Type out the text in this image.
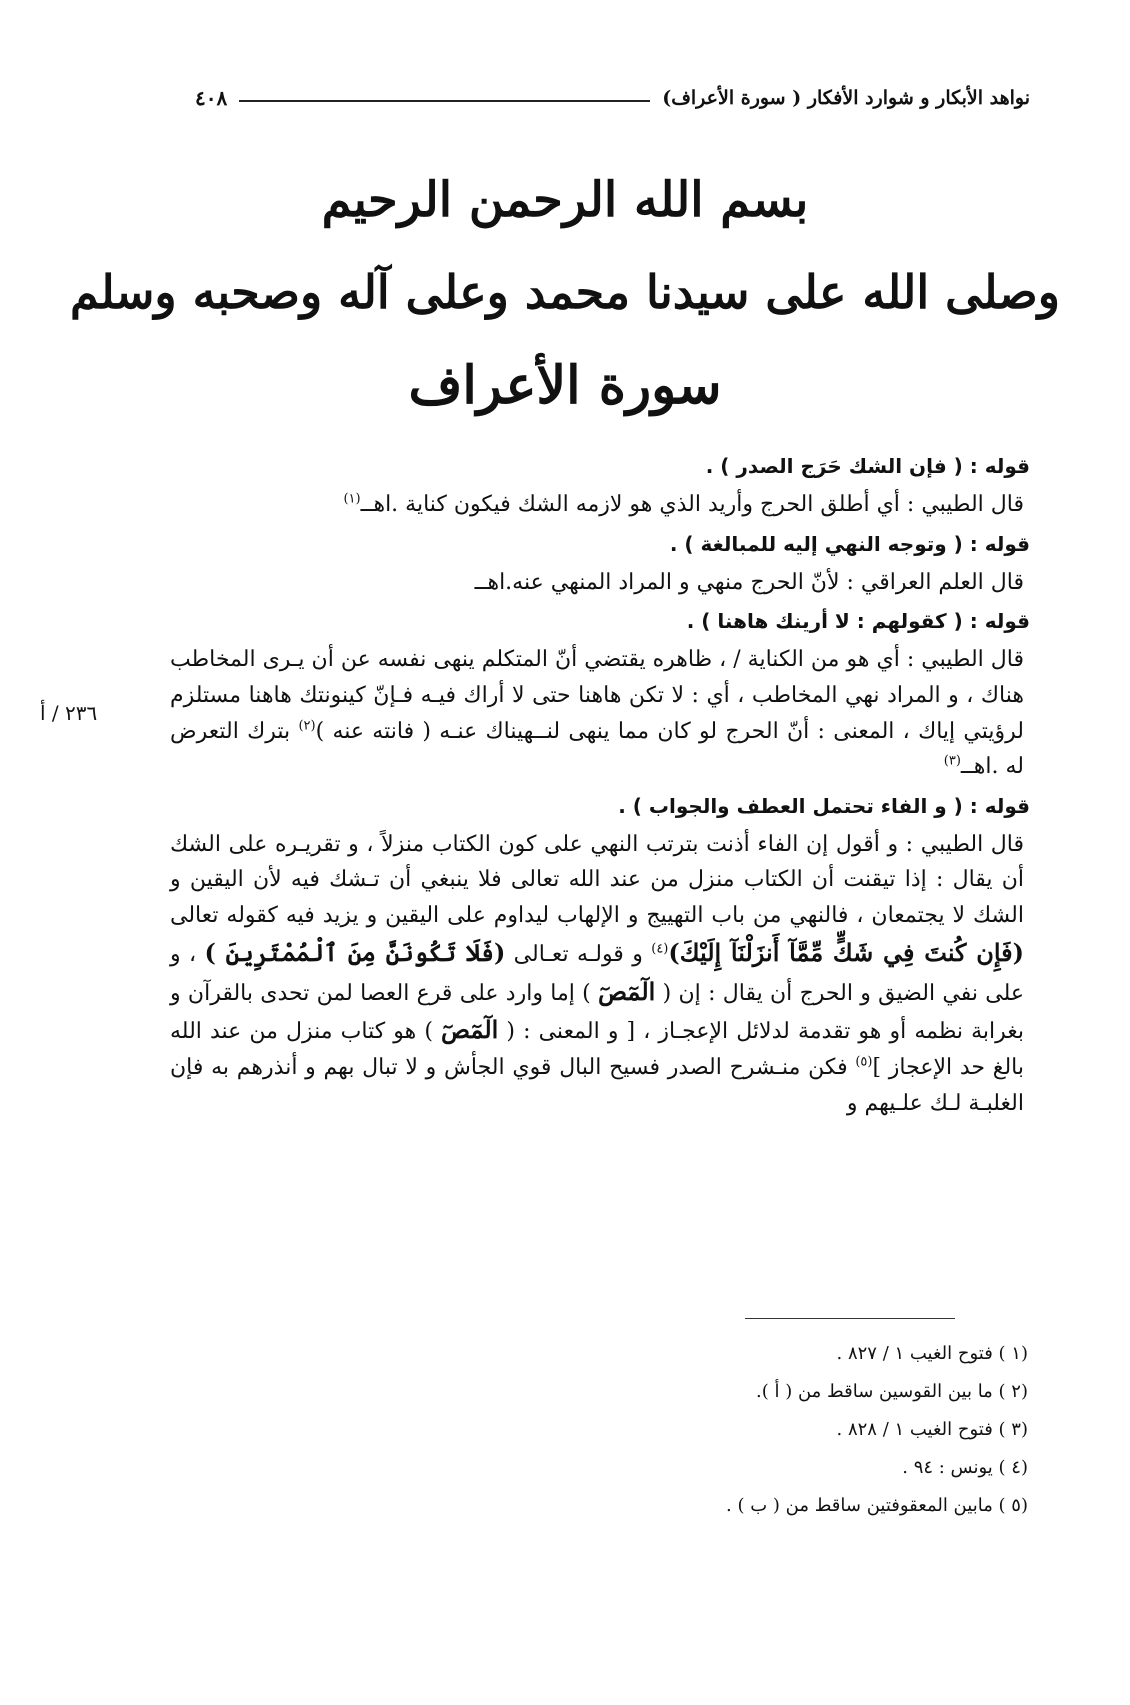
نواهد الأبكار و شوارد الأفكار ( سورة الأعراف)
٤٠٨
بسم الله الرحمن الرحيم
وصلى الله على سيدنا محمد وعلى آله وصحبه وسلم
سورة الأعراف
٢٣٦ / أ

قوله : ( فإن الشك حَرَج الصدر ) .

قال الطيبي : أي أطلق الحرج وأريد الذي هو لازمه الشك فيكون كناية .اهــ$^{(١)}$

قوله : ( وتوجه النهي إليه للمبالغة ) .

قال العلم العراقي : لأنّ الحرج منهي و المراد المنهي عنه.اهــ

قوله : ( كقولهم : لا أرينك هاهنا ) .

قال الطيبي : أي هو من الكناية / ، ظاهره يقتضي أنّ المتكلم ينهى نفسه عن أن يـرى المخاطب هناك ، و المراد نهي المخاطب ، أي : لا تكن هاهنا حتى لا أراك فيـه فـإنّ كينونتك هاهنا مستلزم لرؤيتي إياك ، المعنى : أنّ الحرج لو كان مما ينهى لنــهيناك عنـه ( فانته عنه )$^{(٢)}$ بترك التعرض له .اهــ$^{(٣)}$

قوله : ( و الفاء تحتمل العطف والجواب ) .

قال الطيبي : و أقول إن الفاء أذنت بترتب النهي على كون الكتاب منزلاً ، و تقريـره على الشك أن يقال : إذا تيقنت أن الكتاب منزل من عند الله تعالى فلا ينبغي أن تـشك فيه لأن اليقين و الشك لا يجتمعان ، فالنهي من باب التهييج و الإلهاب ليداوم على اليقين و يزيد فيه كقوله تعالى (فَإِن كُنتَ فِي شَكٍّ مِّمَّآ أَنزَلْنَآ إِلَيْكَ)$^{(٤)}$ و قولـه تعـالى (فَلَا تَكُونَنَّ مِنَ ٱلْمُمْتَرِينَ ) ، و على نفي الضيق و الحرج أن يقال : إن ( الٓمٓصٓ ) إما وارد على قرع العصا لمن تحدى بالقرآن و بغرابة نظمه أو هو تقدمة لدلائل الإعجـاز ، [ و المعنى : ( الٓمٓصٓ ) هو كتاب منزل من عند الله بالغ حد الإعجاز ]$^{(٥)}$ فكن منـشرح الصدر فسيح البال قوي الجأش و لا تبال بهم و أنذرهم به فإن الغلبـة لـك علـيهم و

(١ ) فتوح الغيب ١ / ٨٢٧ .
(٢ ) ما بين القوسين ساقط من ( أ ).
(٣ ) فتوح الغيب ١ / ٨٢٨ .
(٤ ) يونس : ٩٤ .
(٥ ) مابين المعقوفتين ساقط من ( ب ) .
